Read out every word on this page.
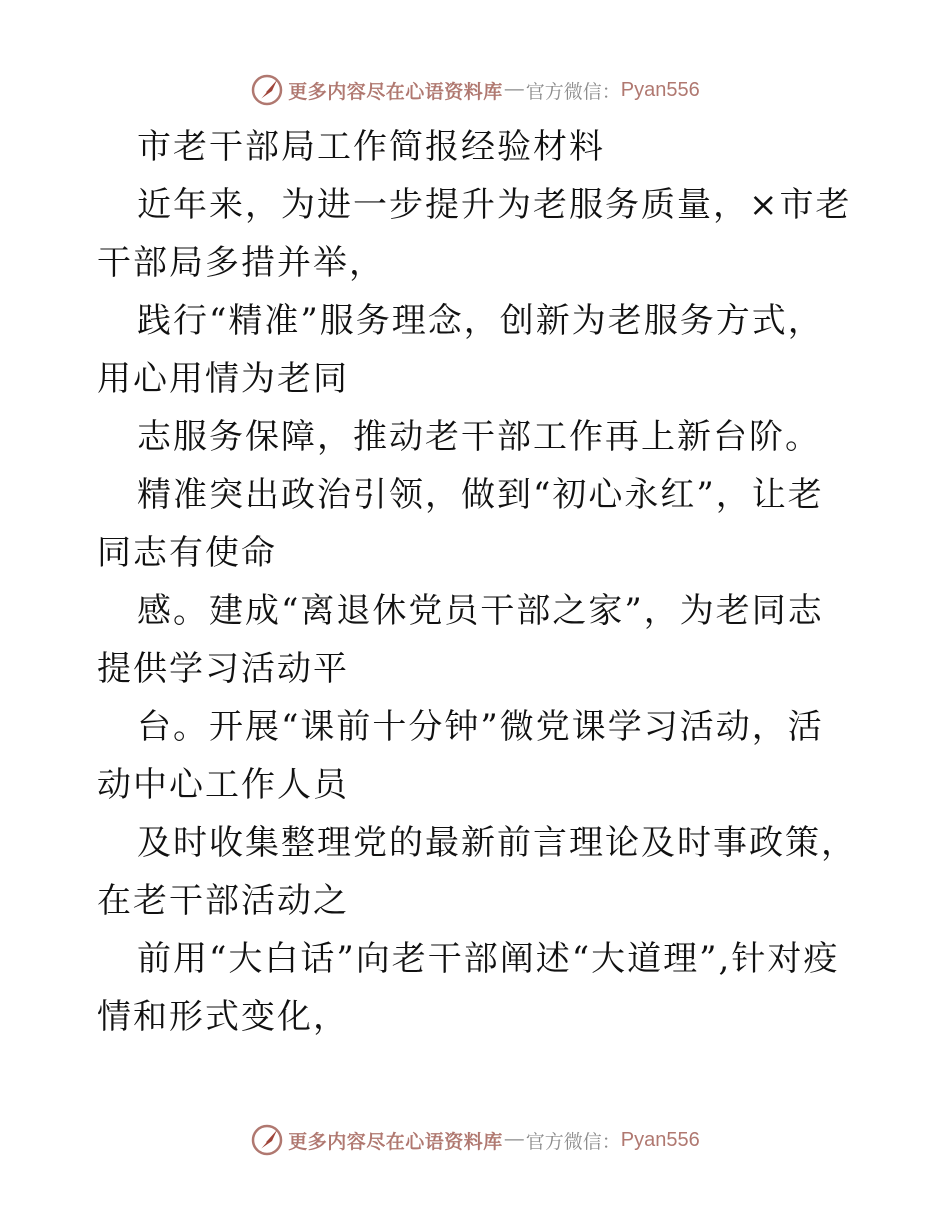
更多内容尽在心语资料库 — 官方微信： Pyan556

市老干部局工作简报经验材料

近年来，为进一步提升为老服务质量，×市老干部局多措并举，

践行“精准”服务理念，创新为老服务方式，用心用情为老同

志服务保障，推动老干部工作再上新台阶。

精准突出政治引领，做到“初心永红”，让老同志有使命

感。建成“离退休党员干部之家”，为老同志提供学习活动平

台。开展“课前十分钟”微党课学习活动，活动中心工作人员

及时收集整理党的最新前言理论及时事政策，在老干部活动之

前用“大白话”向老干部阐述“大道理”,针对疫情和形式变化，

更多内容尽在心语资料库 — 官方微信： Pyan556
